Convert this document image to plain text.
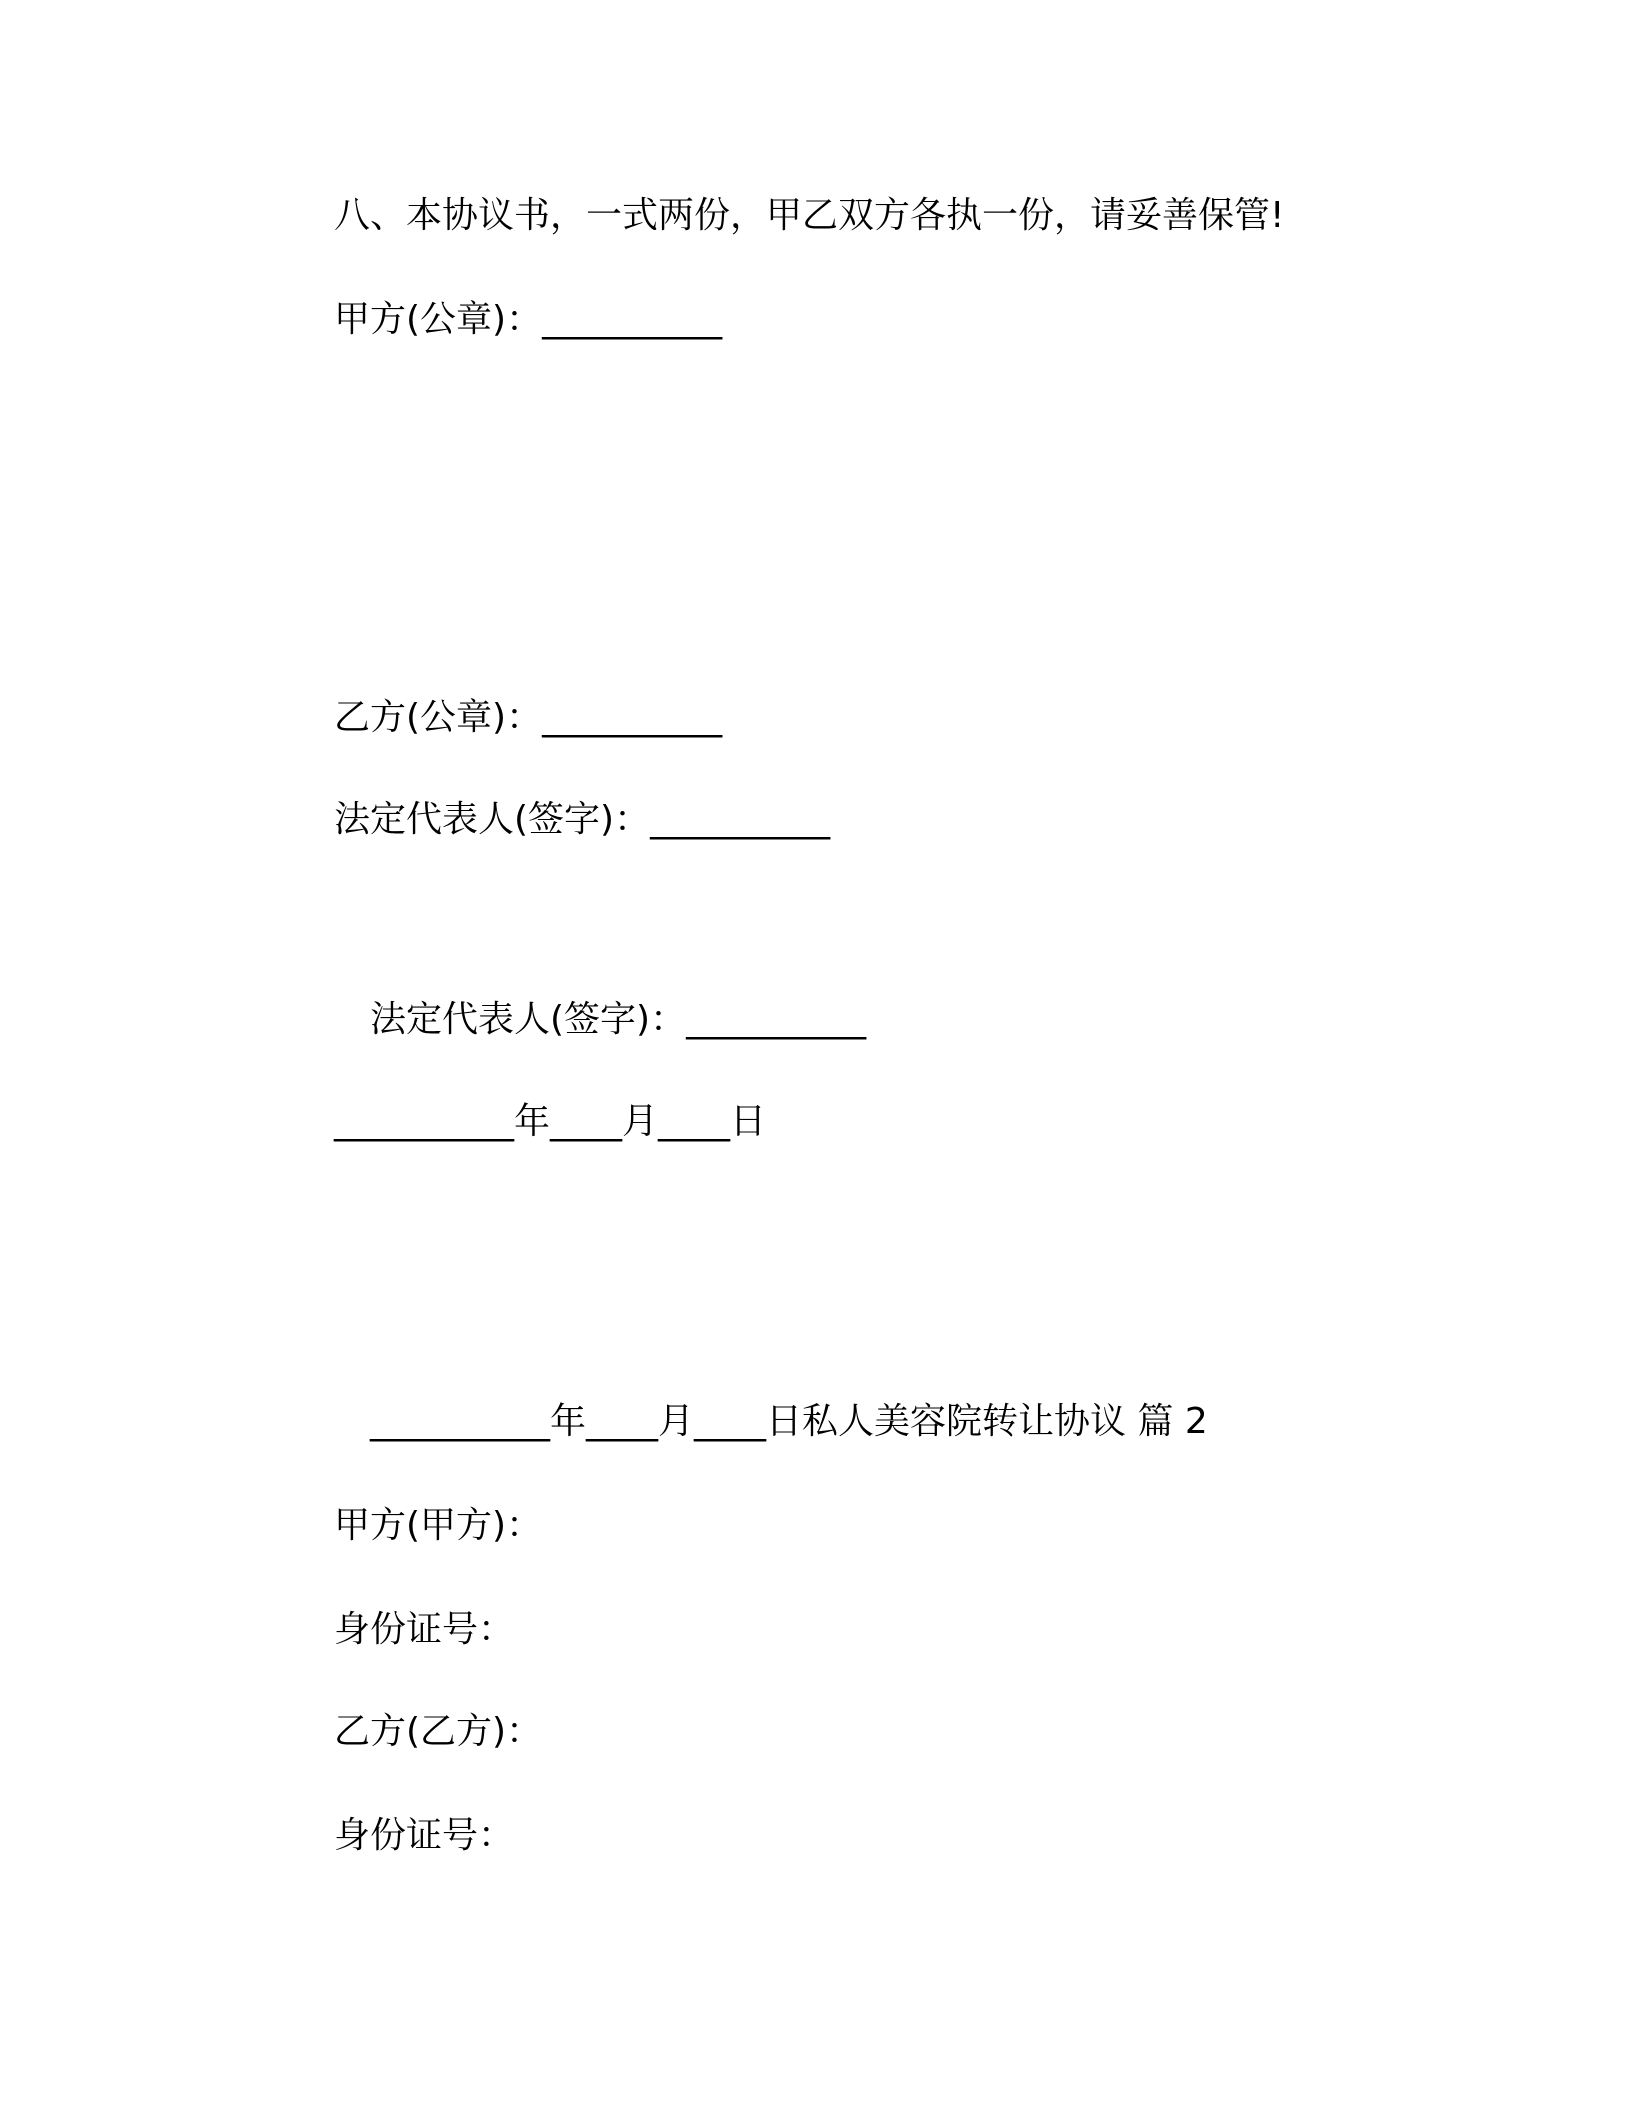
八、本协议书，一式两份，甲乙双方各执一份，请妥善保管!
甲方(公章)：__________
乙方(公章)：__________
法定代表人(签字)：__________
法定代表人(签字)：__________
__________年____月____日
__________年____月____日私人美容院转让协议 篇 2
甲方(甲方)：
身份证号：
乙方(乙方)：
身份证号：
